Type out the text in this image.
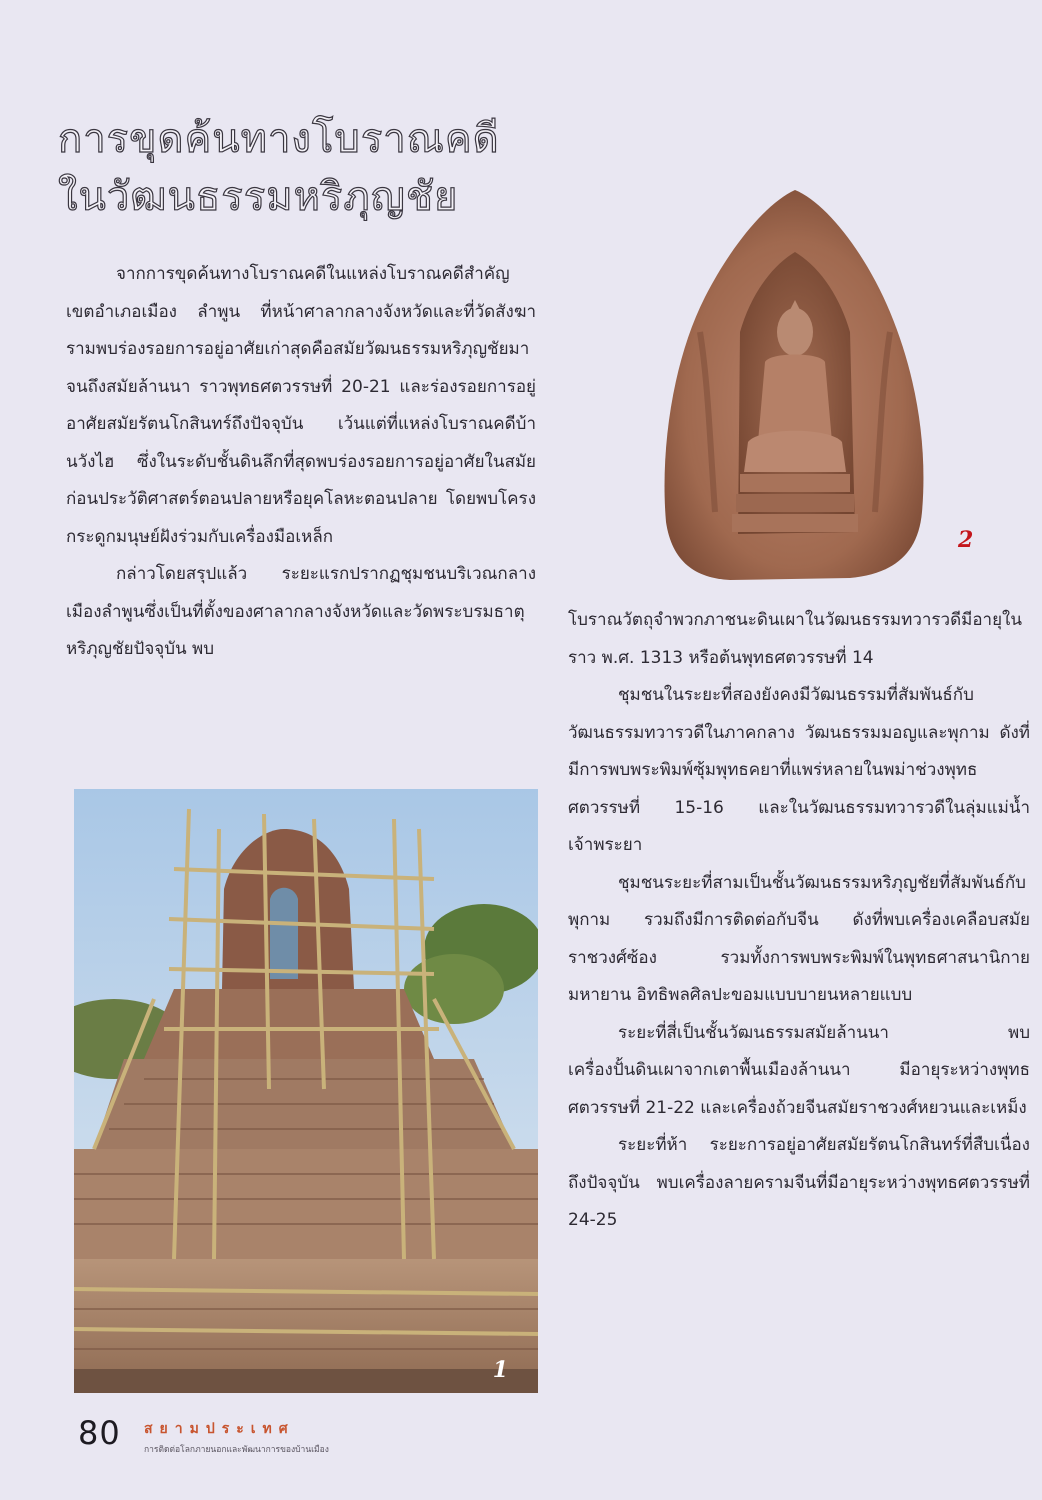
การขุดค้นทางโบราณคดี
ในวัฒนธรรมหริภุญชัย

จากการขุดค้นทางโบราณคดีในแหล่งโบราณคดีสำคัญเขตอำเภอเมือง ลำพูน ที่หน้าศาลากลางจังหวัดและที่วัดสังฆารามพบร่องรอยการอยู่อาศัยเก่าสุดคือสมัยวัฒนธรรมหริภุญชัยมาจนถึงสมัยล้านนา ราวพุทธศตวรรษที่ 20-21 และร่องรอยการอยู่อาศัยสมัยรัตนโกสินทร์ถึงปัจจุบัน เว้นแต่ที่แหล่งโบราณคดีบ้านวังไฮ ซึ่งในระดับชั้นดินลึกที่สุดพบร่องรอยการอยู่อาศัยในสมัยก่อนประวัติศาสตร์ตอนปลายหรือยุคโลหะตอนปลาย โดยพบโครงกระดูกมนุษย์ฝังร่วมกับเครื่องมือเหล็ก

กล่าวโดยสรุปแล้ว ระยะแรกปรากฏชุมชนบริเวณกลางเมืองลำพูนซึ่งเป็นที่ตั้งของศาลากลางจังหวัดและวัดพระบรมธาตุหริภุญชัยปัจจุบัน พบ

2

โบราณวัตถุจำพวกภาชนะดินเผาในวัฒนธรรมทวารวดีมีอายุในราว พ.ศ. 1313 หรือต้นพุทธศตวรรษที่ 14

ชุมชนในระยะที่สองยังคงมีวัฒนธรรมที่สัมพันธ์กับวัฒนธรรมทวารวดีในภาคกลาง วัฒนธรรมมอญและพุกาม ดังที่มีการพบพระพิมพ์ซุ้มพุทธคยาที่แพร่หลายในพม่าช่วงพุทธศตวรรษที่ 15-16 และในวัฒนธรรมทวารวดีในลุ่มแม่น้ำเจ้าพระยา

ชุมชนระยะที่สามเป็นชั้นวัฒนธรรมหริภุญชัยที่สัมพันธ์กับพุกาม รวมถึงมีการติดต่อกับจีน ดังที่พบเครื่องเคลือบสมัยราชวงศ์ซ้อง รวมทั้งการพบพระพิมพ์ในพุทธศาสนานิกายมหายาน อิทธิพลศิลปะขอมแบบบายนหลายแบบ

ระยะที่สี่เป็นชั้นวัฒนธรรมสมัยล้านนา พบเครื่องปั้นดินเผาจากเตาพื้นเมืองล้านนา มีอายุระหว่างพุทธศตวรรษที่ 21-22 และเครื่องถ้วยจีนสมัยราชวงศ์หยวนและเหม็ง

ระยะที่ห้า ระยะการอยู่อาศัยสมัยรัตนโกสินทร์ที่สืบเนื่องถึงปัจจุบัน พบเครื่องลายครามจีนที่มีอายุระหว่างพุทธศตวรรษที่ 24-25

1
80 สยามประเทศ
การติดต่อโลกภายนอกและพัฒนาการของบ้านเมือง
